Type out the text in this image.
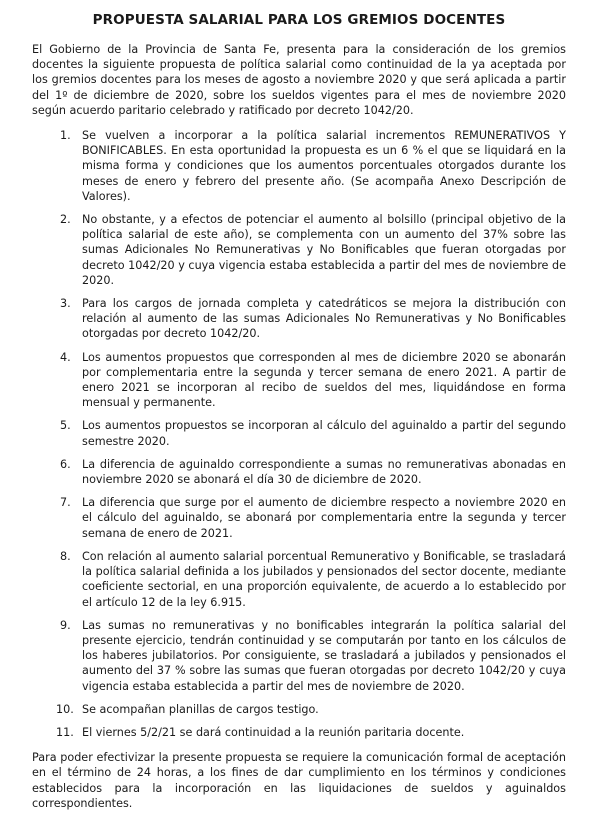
PROPUESTA SALARIAL PARA LOS GREMIOS DOCENTES

El Gobierno de la Provincia de Santa Fe, presenta para la consideración de los gremios docentes la siguiente propuesta de política salarial como continuidad de la ya aceptada por los gremios docentes para los meses de agosto a noviembre 2020 y que será aplicada a partir del 1º de diciembre de 2020, sobre los sueldos vigentes para el mes de noviembre 2020 según acuerdo paritario celebrado y ratificado por decreto 1042/20.

1. Se vuelven a incorporar a la política salarial incrementos REMUNERATIVOS Y BONIFICABLES. En esta oportunidad la propuesta es un 6 % el que se liquidará en la misma forma y condiciones que los aumentos porcentuales otorgados durante los meses de enero y febrero del presente año. (Se acompaña Anexo Descripción de Valores).
2. No obstante, y a efectos de potenciar el aumento al bolsillo (principal objetivo de la política salarial de este año), se complementa con un aumento del 37% sobre las sumas Adicionales No Remunerativas y No Bonificables que fueran otorgadas por decreto 1042/20 y cuya vigencia estaba establecida a partir del mes de noviembre de 2020.
3. Para los cargos de jornada completa y catedráticos se mejora la distribución con relación al aumento de las sumas Adicionales No Remunerativas y No Bonificables otorgadas por decreto 1042/20.
4. Los aumentos propuestos que corresponden al mes de diciembre 2020 se abonarán por complementaria entre la segunda y tercer semana de enero 2021. A partir de enero 2021 se incorporan al recibo de sueldos del mes, liquidándose en forma mensual y permanente.
5. Los aumentos propuestos se incorporan al cálculo del aguinaldo a partir del segundo semestre 2020.
6. La diferencia de aguinaldo correspondiente a sumas no remunerativas abonadas en noviembre 2020 se abonará el día 30 de diciembre de 2020.
7. La diferencia que surge por el aumento de diciembre respecto a noviembre 2020 en el cálculo del aguinaldo, se abonará por complementaria entre la segunda y tercer semana de enero de 2021.
8. Con relación al aumento salarial porcentual Remunerativo y Bonificable, se trasladará la política salarial definida a los jubilados y pensionados del sector docente, mediante coeficiente sectorial, en una proporción equivalente, de acuerdo a lo establecido por el artículo 12 de la ley 6.915.
9. Las sumas no remunerativas y no bonificables integrarán la política salarial del presente ejercicio, tendrán continuidad y se computarán por tanto en los cálculos de los haberes jubilatorios. Por consiguiente, se trasladará a jubilados y pensionados el aumento del 37 % sobre las sumas que fueran otorgadas por decreto 1042/20 y cuya vigencia estaba establecida a partir del mes de noviembre de 2020.
10. Se acompañan planillas de cargos testigo.
11. El viernes 5/2/21 se dará continuidad a la reunión paritaria docente.

Para poder efectivizar la presente propuesta se requiere la comunicación formal de aceptación en el término de 24 horas, a los fines de dar cumplimiento en los términos y condiciones establecidos para la incorporación en las liquidaciones de sueldos y aguinaldos correspondientes.
